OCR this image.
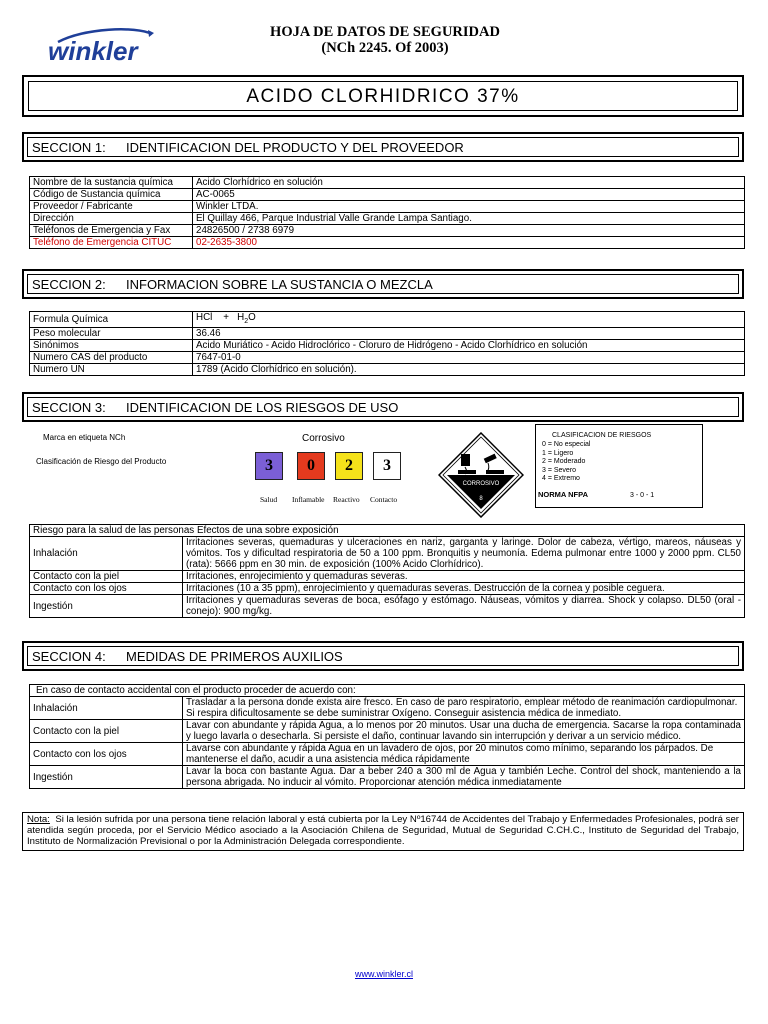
winkler
HOJA DE DATOS DE SEGURIDAD
(NCh 2245. Of 2003)
ACIDO CLORHIDRICO 37%
SECCION 1: IDENTIFICACION DEL PRODUCTO Y DEL PROVEEDOR
Nombre de la sustancia química	Acido Clorhídrico en solución
Código de Sustancia química	AC-0065
Proveedor / Fabricante	Winkler LTDA.
Dirección	El Quillay 466, Parque Industrial Valle Grande Lampa Santiago.
Teléfonos de Emergencia y Fax	24826500 / 2738 6979
Teléfono de Emergencia CITUC	02-2635-3800
SECCION 2: INFORMACION SOBRE LA SUSTANCIA O MEZCLA
Formula Química	HCl + $H_2O$
Peso molecular	36.46
Sinónimos	Acido Muriático - Acido Hidroclórico - Cloruro de Hidrógeno - Acido Clorhídrico en solución
Numero CAS del producto	7647-01-0
Numero UN	1789 (Acido Clorhídrico en solución).
SECCION 3: IDENTIFICACION DE LOS RIESGOS DE USO
Marca en etiqueta NCh
Clasificación de Riesgo del Producto
Corrosivo
3	0	2	3
Salud Inflamable Reactivo Contacto
CORROSIVO
8
CLASIFICACION DE RIESGOS
0 = No especial
1 = Ligero
2 = Moderado
3 = Severo
4 = Extremo
NORMA NFPA	3 - 0 - 1
Riesgo para la salud de las personas Efectos de una sobre exposición	
Inhalación	Irritaciones severas, quemaduras y ulceraciones en nariz, garganta y laringe. Dolor de cabeza, vértigo, mareos, náuseas y vómitos. Tos y dificultad respiratoria de 50 a 100 ppm. Bronquitis y neumonía. Edema pulmonar entre 1000 y 2000 ppm. CL50 (rata): 5666 ppm en 30 min. de exposición (100% Acido Clorhídrico).
Contacto con la piel	Irritaciones, enrojecimiento y quemaduras severas.
Contacto con los ojos	Irritaciones (10 a 35 ppm), enrojecimiento y quemaduras severas. Destrucción de la cornea y posible ceguera.
Ingestión	Irritaciones y quemaduras severas de boca, esófago y estómago. Náuseas, vómitos y diarrea. Shock y colapso. DL50 (oral - conejo): 900 mg/kg.
SECCION 4: MEDIDAS DE PRIMEROS AUXILIOS
En caso de contacto accidental con el producto proceder de acuerdo con:	
Inhalación	Trasladar a la persona donde exista aire fresco. En caso de paro respiratorio, emplear método de reanimación cardiopulmonar. Si respira dificultosamente se debe suministrar Oxígeno. Conseguir asistencia médica de inmediato.
Contacto con la piel	Lavar con abundante y rápida Agua, a lo menos por 20 minutos. Usar una ducha de emergencia. Sacarse la ropa contaminada y luego lavarla o desecharla. Si persiste el daño, continuar lavando sin interrupción y derivar a un servicio médico.
Contacto con los ojos	Lavarse con abundante y rápida Agua en un lavadero de ojos, por 20 minutos como mínimo, separando los párpados. De mantenerse el daño, acudir a una asistencia médica rápidamente
Ingestión	Lavar la boca con bastante Agua. Dar a beber 240 a 300 ml de Agua y también Leche. Control del shock, manteniendo a la persona abrigada. No inducir al vómito. Proporcionar atención médica inmediatamente
Nota: Si la lesión sufrida por una persona tiene relación laboral y está cubierta por la Ley Nº16744 de Accidentes del Trabajo y Enfermedades Profesionales, podrá ser atendida según proceda, por el Servicio Médico asociado a la Asociación Chilena de Seguridad, Mutual de Seguridad C.CH.C., Instituto de Seguridad del Trabajo, Instituto de Normalización Previsional o por la Administración Delegada correspondiente.
www.winkler.cl
